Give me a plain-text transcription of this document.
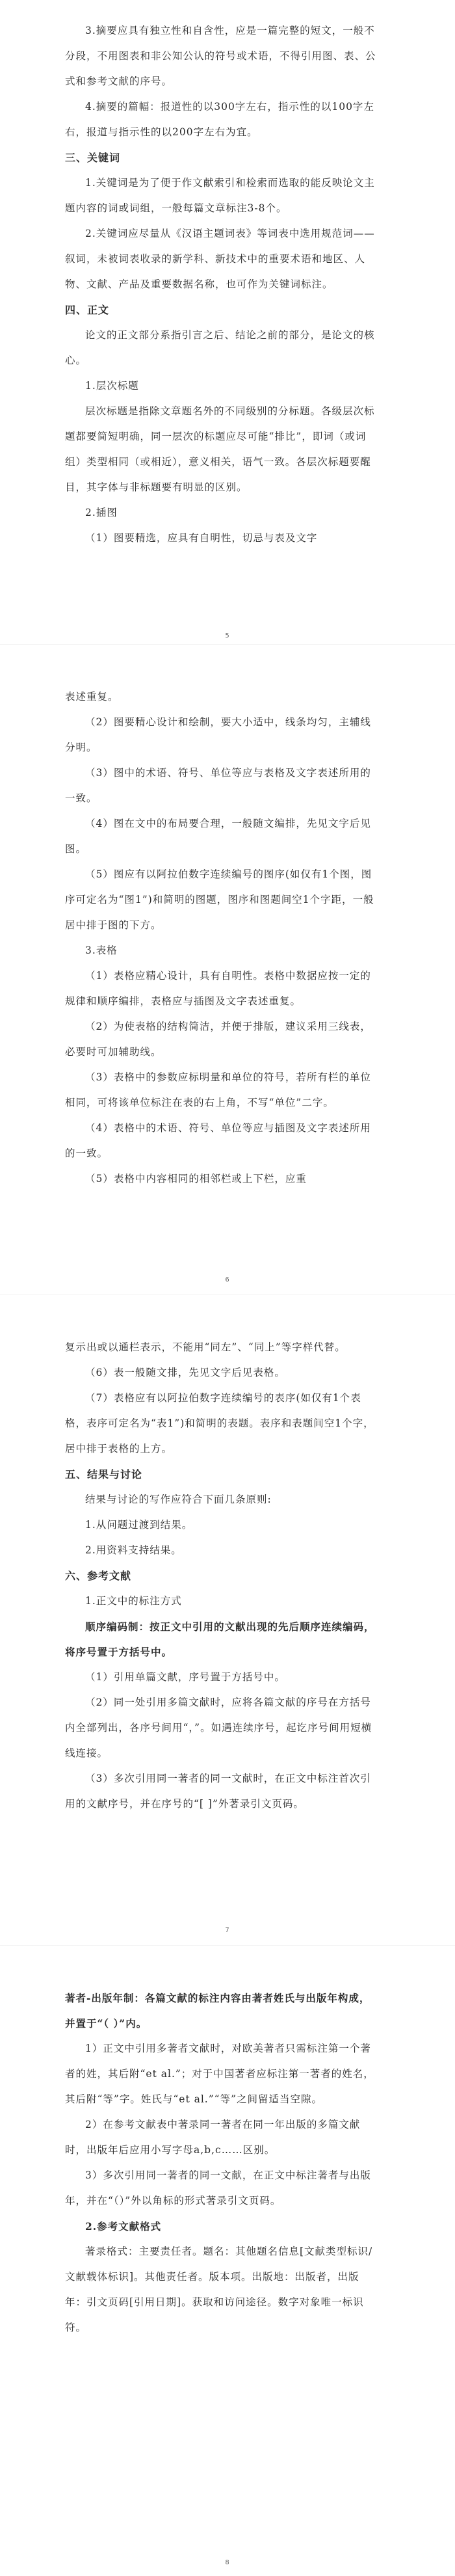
3.摘要应具有独立性和自含性，应是一篇完整的短文，一般不分段，不用图表和非公知公认的符号或术语，不得引用图、表、公式和参考文献的序号。

4.摘要的篇幅：报道性的以300字左右，指示性的以100字左右，报道与指示性的以200字左右为宜。

三、关键词

1.关键词是为了便于作文献索引和检索而选取的能反映论文主题内容的词或词组，一般每篇文章标注3-8个。

2.关键词应尽量从《汉语主题词表》等词表中选用规范词——叙词，未被词表收录的新学科、新技术中的重要术语和地区、人物、文献、产品及重要数据名称，也可作为关键词标注。

四、正文

论文的正文部分系指引言之后、结论之前的部分，是论文的核心。

1.层次标题

层次标题是指除文章题名外的不同级别的分标题。各级层次标题都要简短明确，同一层次的标题应尽可能“排比”，即词（或词组）类型相同（或相近），意义相关，语气一致。各层次标题要醒目，其字体与非标题要有明显的区别。

2.插图

（1）图要精选，应具有自明性，切忌与表及文字

5

表述重复。

（2）图要精心设计和绘制，要大小适中，线条均匀，主辅线分明。

（3）图中的术语、符号、单位等应与表格及文字表述所用的一致。

（4）图在文中的布局要合理，一般随文编排，先见文字后见图。

（5）图应有以阿拉伯数字连续编号的图序(如仅有1个图，图序可定名为“图1”)和简明的图题，图序和图题间空1个字距，一般居中排于图的下方。

3.表格

（1）表格应精心设计，具有自明性。表格中数据应按一定的规律和顺序编排，表格应与插图及文字表述重复。

（2）为使表格的结构简洁，并便于排版，建议采用三线表，必要时可加辅助线。

（3）表格中的参数应标明量和单位的符号，若所有栏的单位相同，可将该单位标注在表的右上角，不写“单位”二字。

（4）表格中的术语、符号、单位等应与插图及文字表述所用的一致。

（5）表格中内容相同的相邻栏或上下栏，应重

6

复示出或以通栏表示，不能用“同左”、“同上”等字样代替。

（6）表一般随文排，先见文字后见表格。

（7）表格应有以阿拉伯数字连续编号的表序(如仅有1个表格，表序可定名为“表1”)和简明的表题。表序和表题间空1个字，居中排于表格的上方。

五、结果与讨论

结果与讨论的写作应符合下面几条原则:

1.从问题过渡到结果。

2.用资料支持结果。

六、参考文献

1.正文中的标注方式

顺序编码制：按正文中引用的文献出现的先后顺序连续编码，将序号置于方括号中。

（1）引用单篇文献，序号置于方括号中。

（2）同一处引用多篇文献时，应将各篇文献的序号在方括号内全部列出，各序号间用“，”。如遇连续序号，起讫序号间用短横线连接。

（3）多次引用同一著者的同一文献时，在正文中标注首次引用的文献序号，并在序号的“[ ]”外著录引文页码。

7

著者-出版年制：各篇文献的标注内容由著者姓氏与出版年构成，并置于“（ ）”内。

1）正文中引用多著者文献时，对欧美著者只需标注第一个著者的姓，其后附“et al.”；对于中国著者应标注第一著者的姓名，其后附“等”字。姓氏与“et al.”“等”之间留适当空隙。

2）在参考文献表中著录同一著者在同一年出版的多篇文献时，出版年后应用小写字母a,b,c……区别。

3）多次引用同一著者的同一文献，在正文中标注著者与出版年，并在“（）”外以角标的形式著录引文页码。

2.参考文献格式

著录格式：主要责任者。题名：其他题名信息[文献类型标识/文献载体标识]。其他责任者。版本项。出版地：出版者，出版年：引文页码[引用日期]。获取和访问途径。数字对象唯一标识符。

8
